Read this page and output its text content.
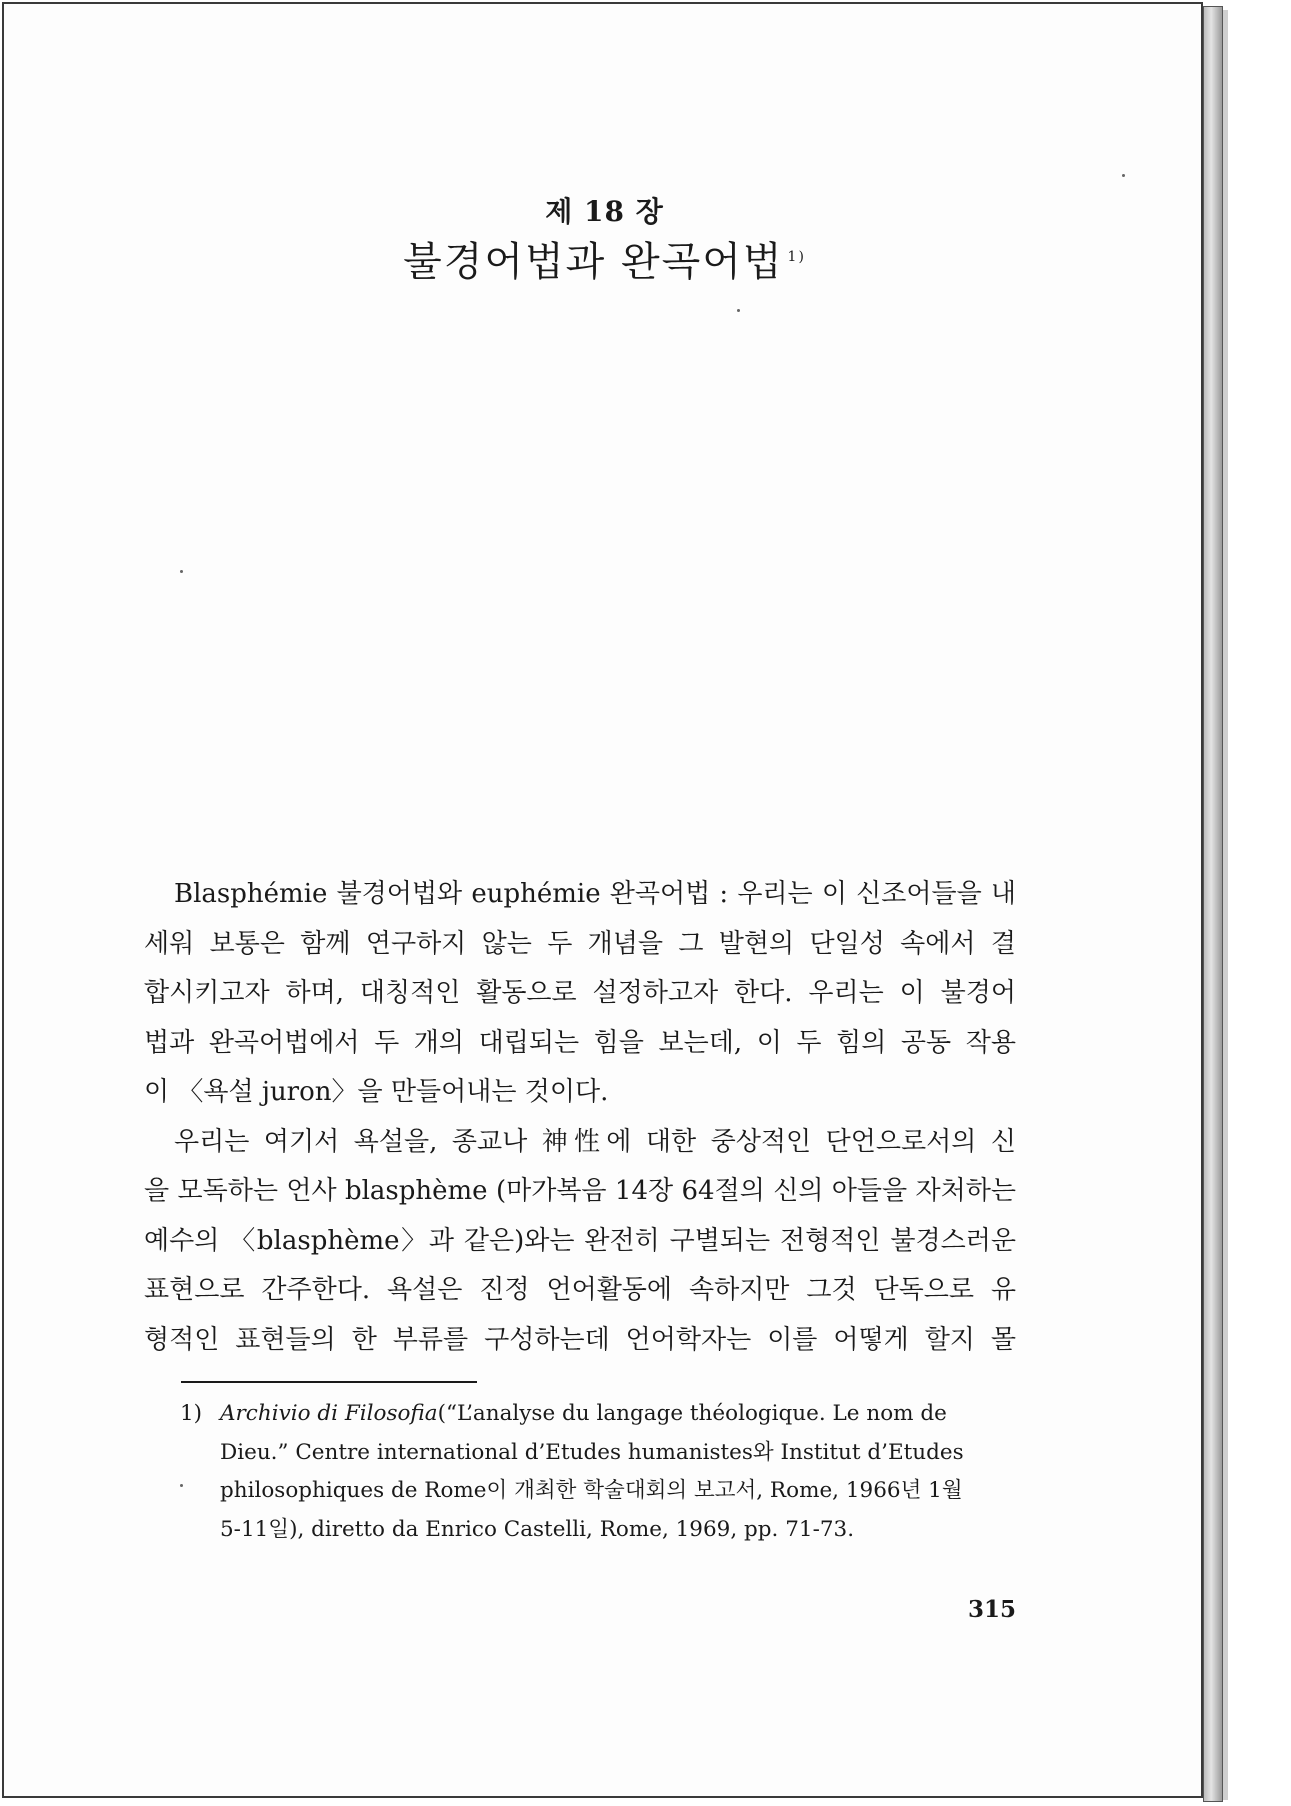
제 18 장
불경어법과 완곡어법 $^{1)}$
Blasphémie 불경어법와 euphémie 완곡어법 : 우리는 이 신조어들을 내
세워 보통은 함께 연구하지 않는 두 개념을 그 발현의 단일성 속에서 결
합시키고자 하며, 대칭적인 활동으로 설정하고자 한다. 우리는 이 불경어
법과 완곡어법에서 두 개의 대립되는 힘을 보는데, 이 두 힘의 공동 작용
이 〈욕설 juron〉을 만들어내는 것이다.
우리는 여기서 욕설을, 종교나 神性에 대한 중상적인 단언으로서의 신
을 모독하는 언사 blasphème (마가복음 14장 64절의 신의 아들을 자처하는
예수의 〈blasphème〉과 같은)와는 완전히 구별되는 전형적인 불경스러운
표현으로 간주한다. 욕설은 진정 언어활동에 속하지만 그것 단독으로 유
형적인 표현들의 한 부류를 구성하는데 언어학자는 이를 어떻게 할지 몰
1) Archivio di Filosofia(“L’analyse du langage théologique. Le nom de
Dieu.” Centre international d’Etudes humanistes와 Institut d’Etudes
philosophiques de Rome이 개최한 학술대회의 보고서, Rome, 1966년 1월
5-11일), diretto da Enrico Castelli, Rome, 1969, pp. 71-73.
315
